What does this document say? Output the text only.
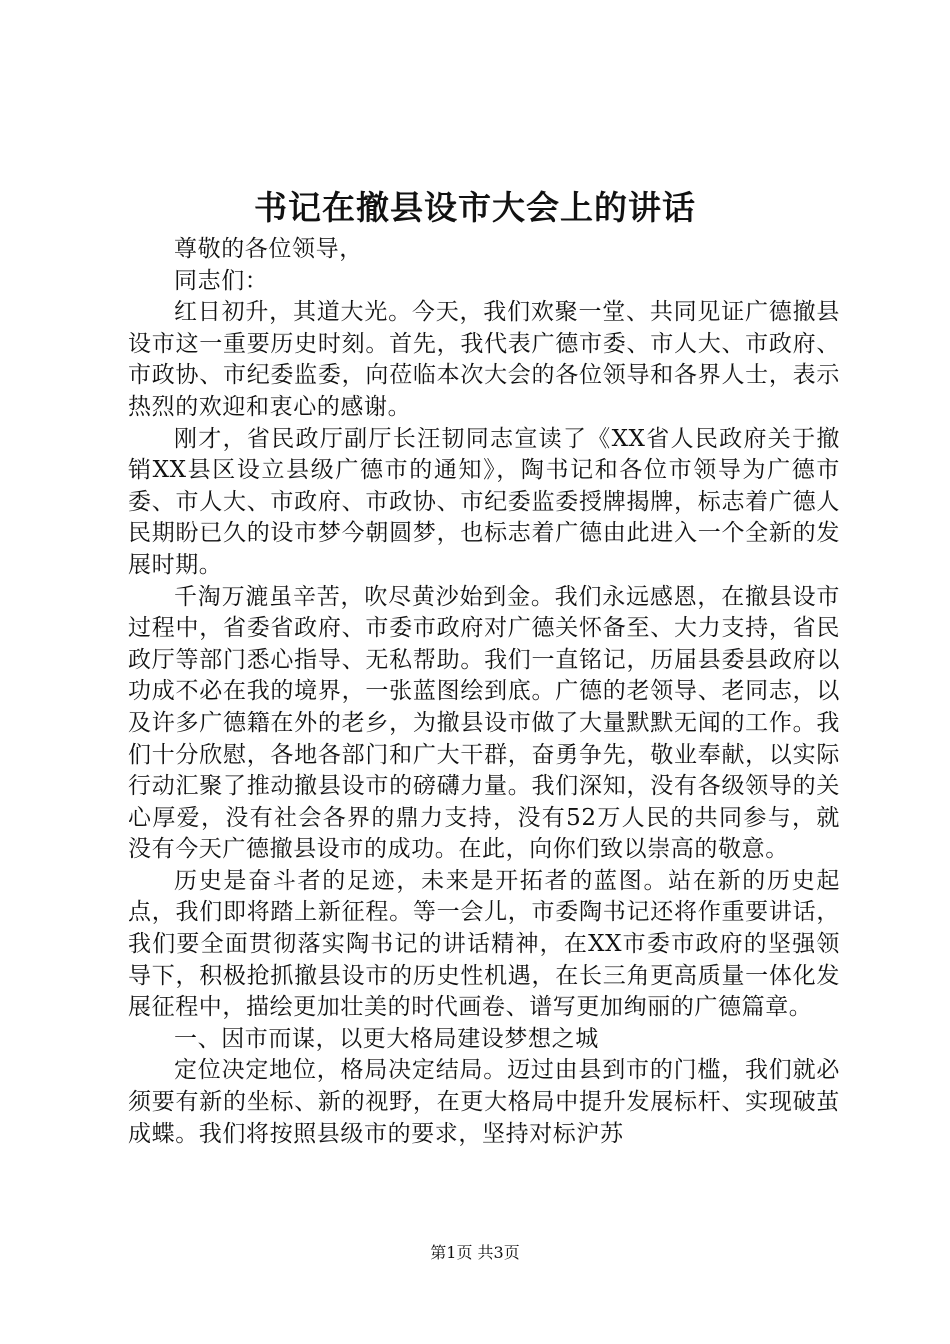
书记在撤县设市大会上的讲话

尊敬的各位领导，

同志们：

红日初升，其道大光。今天，我们欢聚一堂、共同见证广德撤县设市这一重要历史时刻。首先，我代表广德市委、市人大、市政府、市政协、市纪委监委，向莅临本次大会的各位领导和各界人士，表示热烈的欢迎和衷心的感谢。

刚才，省民政厅副厅长汪韧同志宣读了《XX省人民政府关于撤销XX县区设立县级广德市的通知》，陶书记和各位市领导为广德市委、市人大、市政府、市政协、市纪委监委授牌揭牌，标志着广德人民期盼已久的设市梦今朝圆梦，也标志着广德由此进入一个全新的发展时期。

千淘万漉虽辛苦，吹尽黄沙始到金。我们永远感恩，在撤县设市过程中，省委省政府、市委市政府对广德关怀备至、大力支持，省民政厅等部门悉心指导、无私帮助。我们一直铭记，历届县委县政府以功成不必在我的境界，一张蓝图绘到底。广德的老领导、老同志，以及许多广德籍在外的老乡，为撤县设市做了大量默默无闻的工作。我们十分欣慰，各地各部门和广大干群，奋勇争先，敬业奉献，以实际行动汇聚了推动撤县设市的磅礴力量。我们深知，没有各级领导的关心厚爱，没有社会各界的鼎力支持，没有52万人民的共同参与，就没有今天广德撤县设市的成功。在此，向你们致以崇高的敬意。

历史是奋斗者的足迹，未来是开拓者的蓝图。站在新的历史起点，我们即将踏上新征程。等一会儿，市委陶书记还将作重要讲话，我们要全面贯彻落实陶书记的讲话精神，在XX市委市政府的坚强领导下，积极抢抓撤县设市的历史性机遇，在长三角更高质量一体化发展征程中，描绘更加壮美的时代画卷、谱写更加绚丽的广德篇章。

一、因市而谋，以更大格局建设梦想之城

定位决定地位，格局决定结局。迈过由县到市的门槛，我们就必须要有新的坐标、新的视野，在更大格局中提升发展标杆、实现破茧成蝶。我们将按照县级市的要求，坚持对标沪苏

第1页 共3页
